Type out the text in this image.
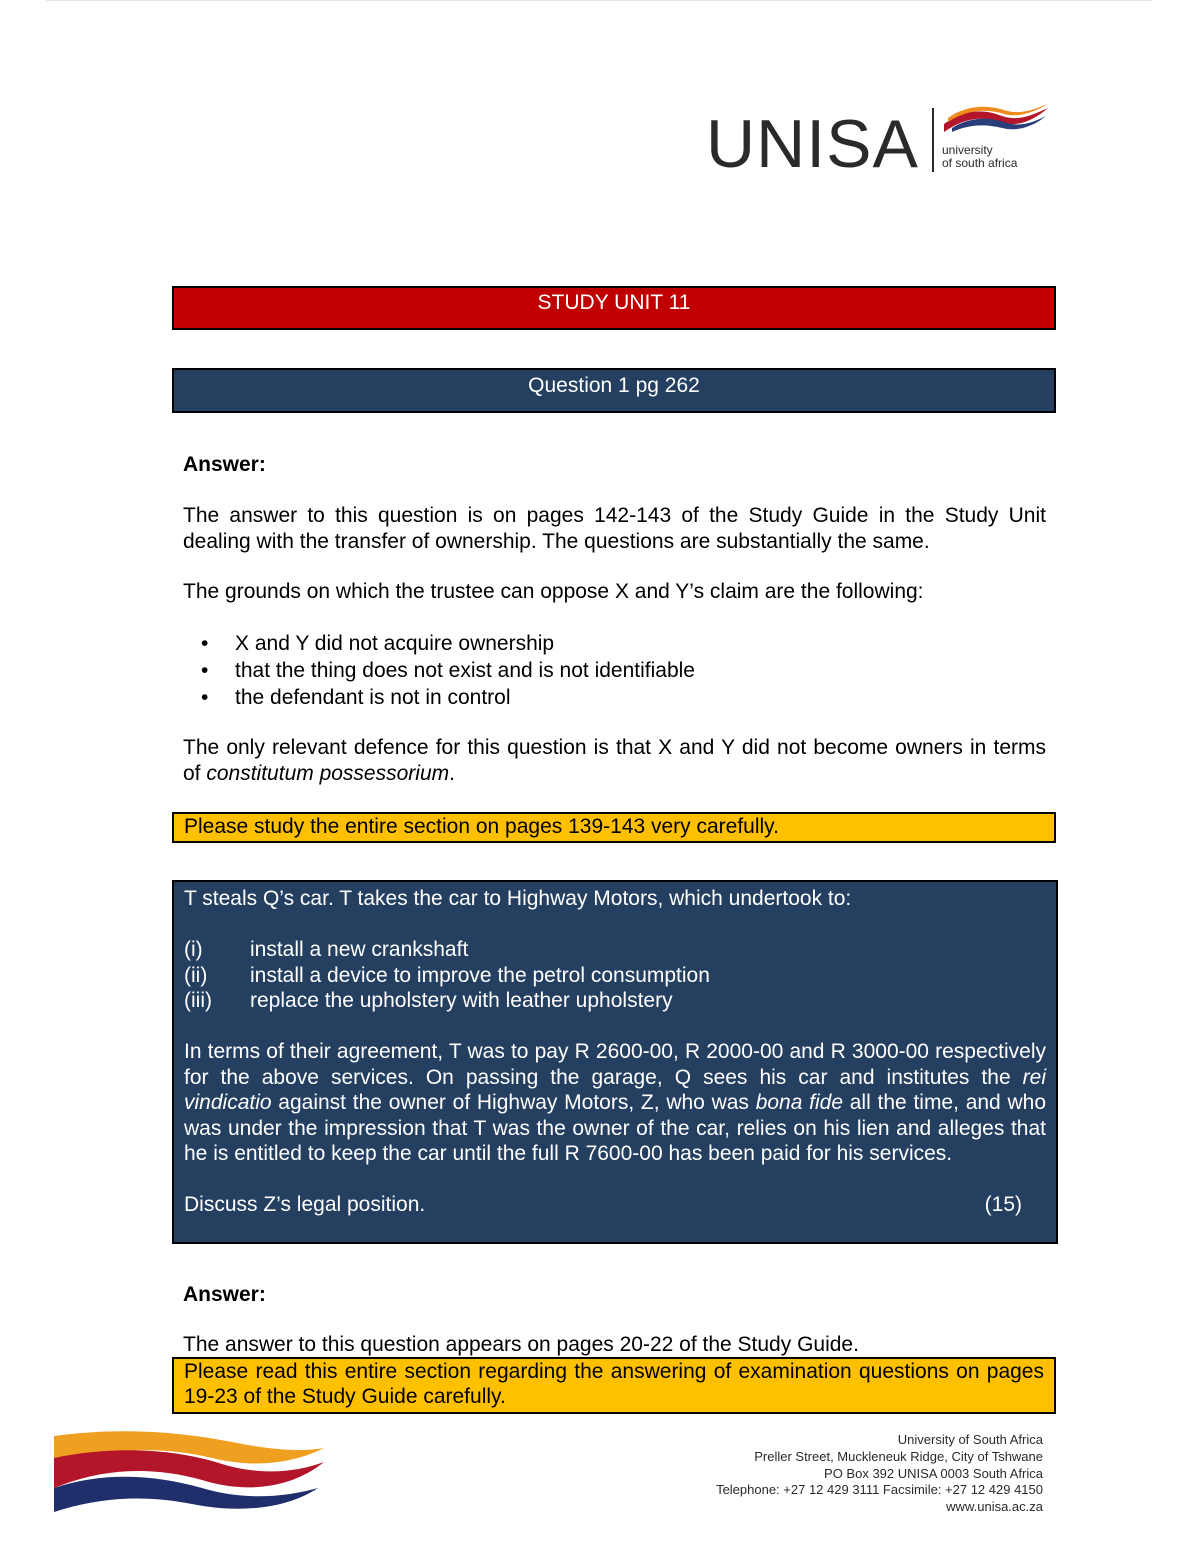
UNISA university
of south africa
STUDY UNIT 11
Question 1 pg 262
Answer:
The answer to this question is on pages 142-143 of the Study Guide in the Study Unit dealing with the transfer of ownership. The questions are substantially the same.
The grounds on which the trustee can oppose X and Y’s claim are the following:
• X and Y did not acquire ownership
• that the thing does not exist and is not identifiable
• the defendant is not in control
The only relevant defence for this question is that X and Y did not become owners in terms of constitutum possessorium.
Please study the entire section on pages 139-143 very carefully.

T steals Q’s car. T takes the car to Highway Motors, which undertook to:

(i)	install a new crankshaft
(ii)	install a device to improve the petrol consumption
(iii)	replace the upholstery with leather upholstery

In terms of their agreement, T was to pay R 2600-00, R 2000-00 and R 3000-00 respectively for the above services. On passing the garage, Q sees his car and institutes the rei vindicatio against the owner of Highway Motors, Z, who was bona fide all the time, and who was under the impression that T was the owner of the car, relies on his lien and alleges that he is entitled to keep the car until the full R 7600-00 has been paid for his services.

Discuss Z’s legal position.	(15)
Answer:
The answer to this question appears on pages 20-22 of the Study Guide.
Please read this entire section regarding the answering of examination questions on pages 19-23 of the Study Guide carefully.
University of South Africa
Preller Street, Muckleneuk Ridge, City of Tshwane
PO Box 392 UNISA 0003 South Africa
Telephone: +27 12 429 3111 Facsimile: +27 12 429 4150
www.unisa.ac.za
